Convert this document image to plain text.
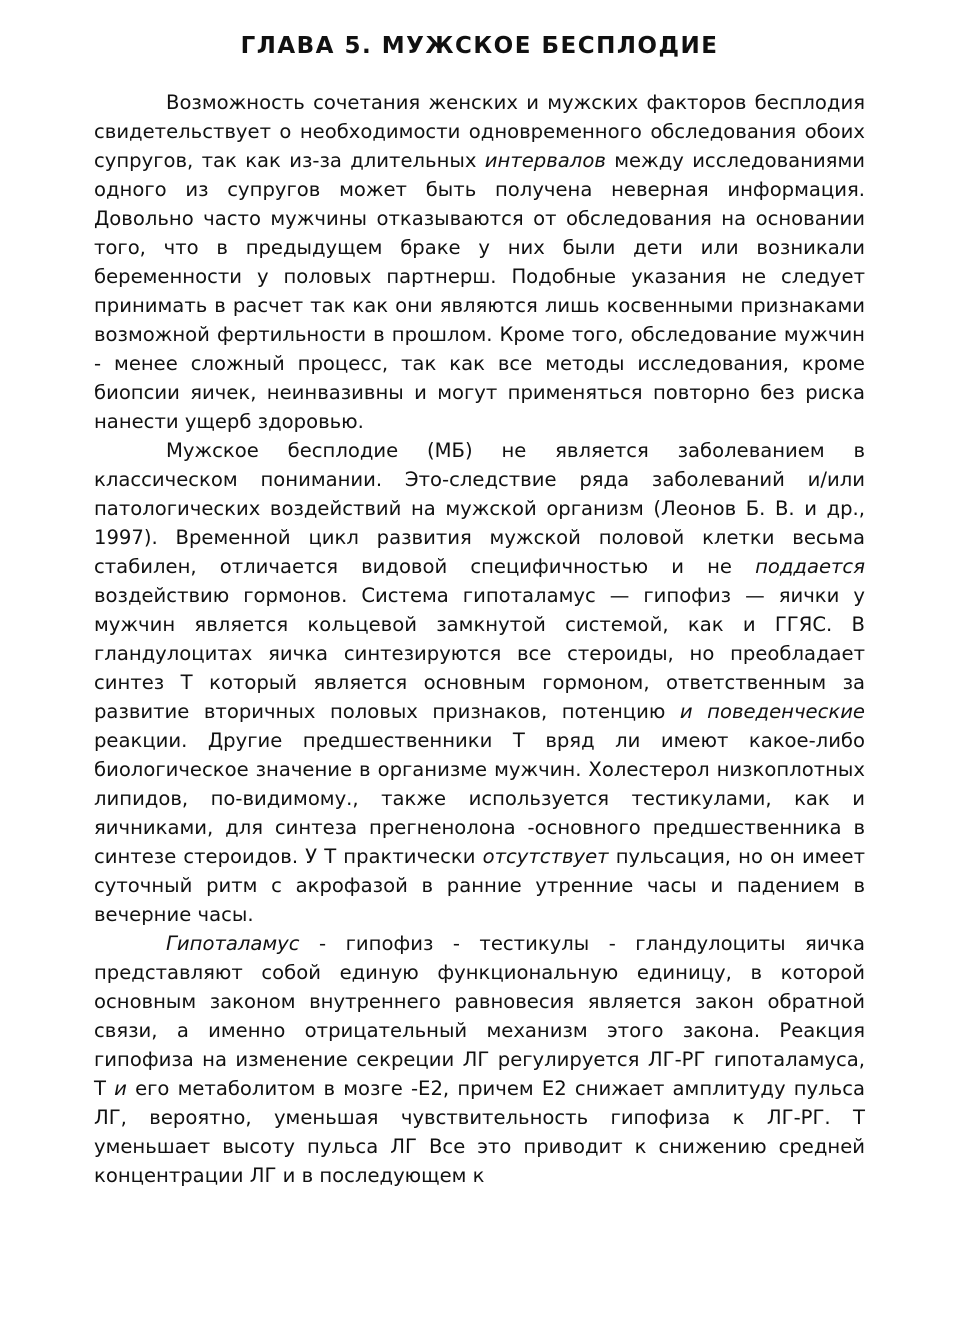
ГЛАВА 5. МУЖСКОЕ БЕСПЛОДИЕ

Возможность сочетания женских и мужских факторов бесплодия свидетельствует о необходимости одновременного обследования обоих супругов, так как из-за длительных интервалов между исследованиями одного из супругов может быть получена неверная информация. Довольно часто мужчины отказываются от обследования на основании того, что в предыдущем браке у них были дети или возникали беременности у половых партнерш. Подобные указания не следует принимать в расчет так как они являются лишь косвенными признаками возможной фертильности в прошлом. Кроме того, обследование мужчин - менее сложный процесс, так как все методы исследования, кроме биопсии яичек, неинвазивны и могут применяться повторно без риска нанести ущерб здоровью.

Мужское бесплодие (МБ) не является заболеванием в классическом понимании. Это-следствие ряда заболеваний и/или патологических воздействий на мужской организм (Леонов Б. В. и др., 1997). Временной цикл развития мужской половой клетки весьма стабилен, отличается видовой специфичностью и не поддается воздействию гормонов. Система гипоталамус — гипофиз — яички у мужчин является кольцевой замкнутой системой, как и ГГЯС. В гландулоцитах яичка синтезируются все стероиды, но преобладает синтез Т который является основным гормоном, ответственным за развитие вторичных половых признаков, потенцию и поведенческие реакции. Другие предшественники Т вряд ли имеют какое-либо биологическое значение в организме мужчин. Холестерол низкоплотных липидов, по-видимому., также используется тестикулами, как и яичниками, для синтеза прегненолона -основного предшественника в синтезе стероидов. У Т практически отсутствует пульсация, но он имеет суточный ритм с акрофазой в ранние утренние часы и падением в вечерние часы.

Гипоталамус - гипофиз - тестикулы - гландулоциты яичка представляют собой единую функциональную единицу, в которой основным законом внутреннего равновесия является закон обратной связи, а именно отрицательный механизм этого закона. Реакция гипофиза на изменение секреции ЛГ регулируется ЛГ-РГ гипоталамуса, Т и его метаболитом в мозге -Е2, причем Е2 снижает амплитуду пульса ЛГ, вероятно, уменьшая чувствительность гипофиза к ЛГ-РГ. Т уменьшает высоту пульса ЛГ Все это приводит к снижению средней концентрации ЛГ и в последующем к
